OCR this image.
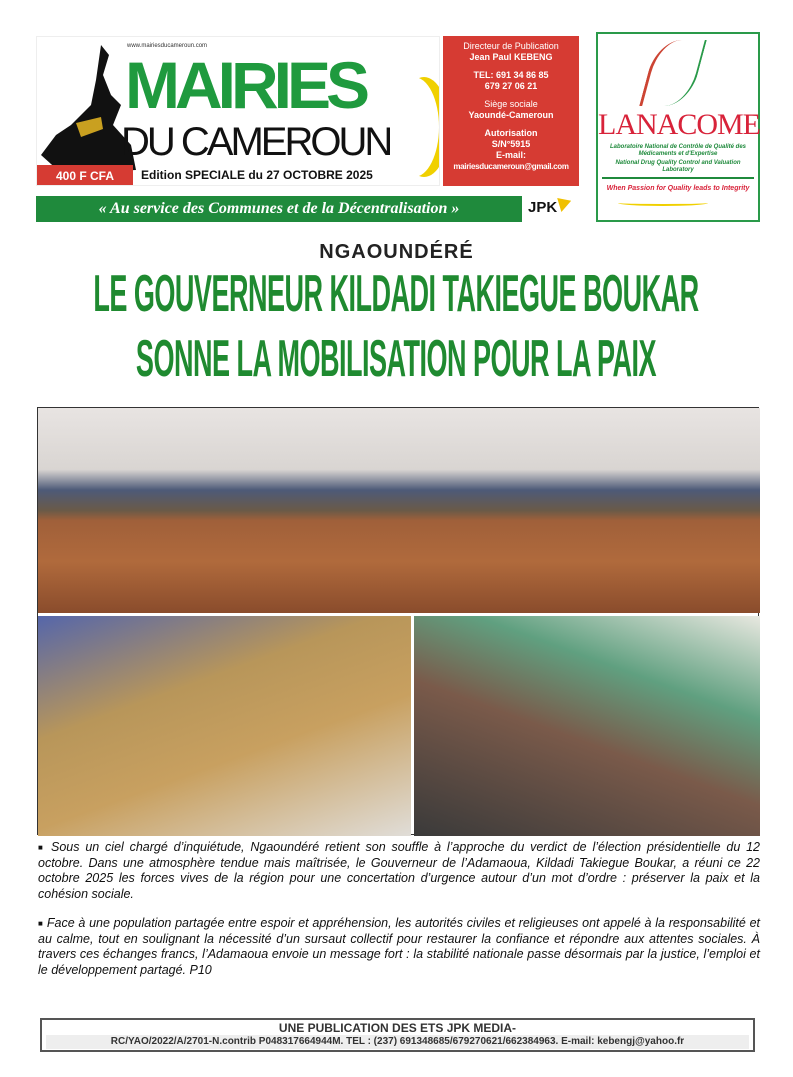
www.mairiesducameroun.com
MAIRIES
DU CAMEROUN
400 F CFA	Edition SPECIALE du 27 OCTOBRE 2025
Directeur de Publication
Jean Paul KEBENG
TEL: 691 34 86 85
679 27 06 21
Siège sociale
Yaoundé-Cameroun
Autorisation
S/N°5915
E-mail:
mairiesducameroun@gmail.com
« Au service des Communes et de la Décentralisation »	JPK
LANACOME
Laboratoire National de Contrôle de Qualité des Médicaments et d'Expertise
National Drug Quality Control and Valuation Laboratory
When Passion for Quality leads to Integrity
NGAOUNDÉRÉ
LE GOUVERNEUR KILDADI TAKIEGUE BOUKAR
SONNE LA MOBILISATION POUR LA PAIX

■ Sous un ciel chargé d’inquiétude, Ngaoundéré retient son souffle à l’approche du verdict de l’élection présidentielle du 12 octobre. Dans une atmosphère tendue mais maîtrisée, le Gouverneur de l’Adamaoua, Kildadi Takiegue Boukar, a réuni ce 22 octobre 2025 les forces vives de la région pour une concertation d’urgence autour d’un mot d’ordre : préserver la paix et la cohésion sociale.

■ Face à une population partagée entre espoir et appréhension, les autorités civiles et religieuses ont appelé à la responsabilité et au calme, tout en soulignant la nécessité d’un sursaut collectif pour restaurer la confiance et répondre aux attentes sociales. À travers ces échanges francs, l’Adamaoua envoie un message fort : la stabilité nationale passe désormais par la justice, l’emploi et le développement partagé. P10

UNE PUBLICATION DES ETS JPK MEDIA-
RC/YAO/2022/A/2701-N.contrib P048317664944M. TEL : (237) 691348685/679270621/662384963. E-mail: kebengj@yahoo.fr
